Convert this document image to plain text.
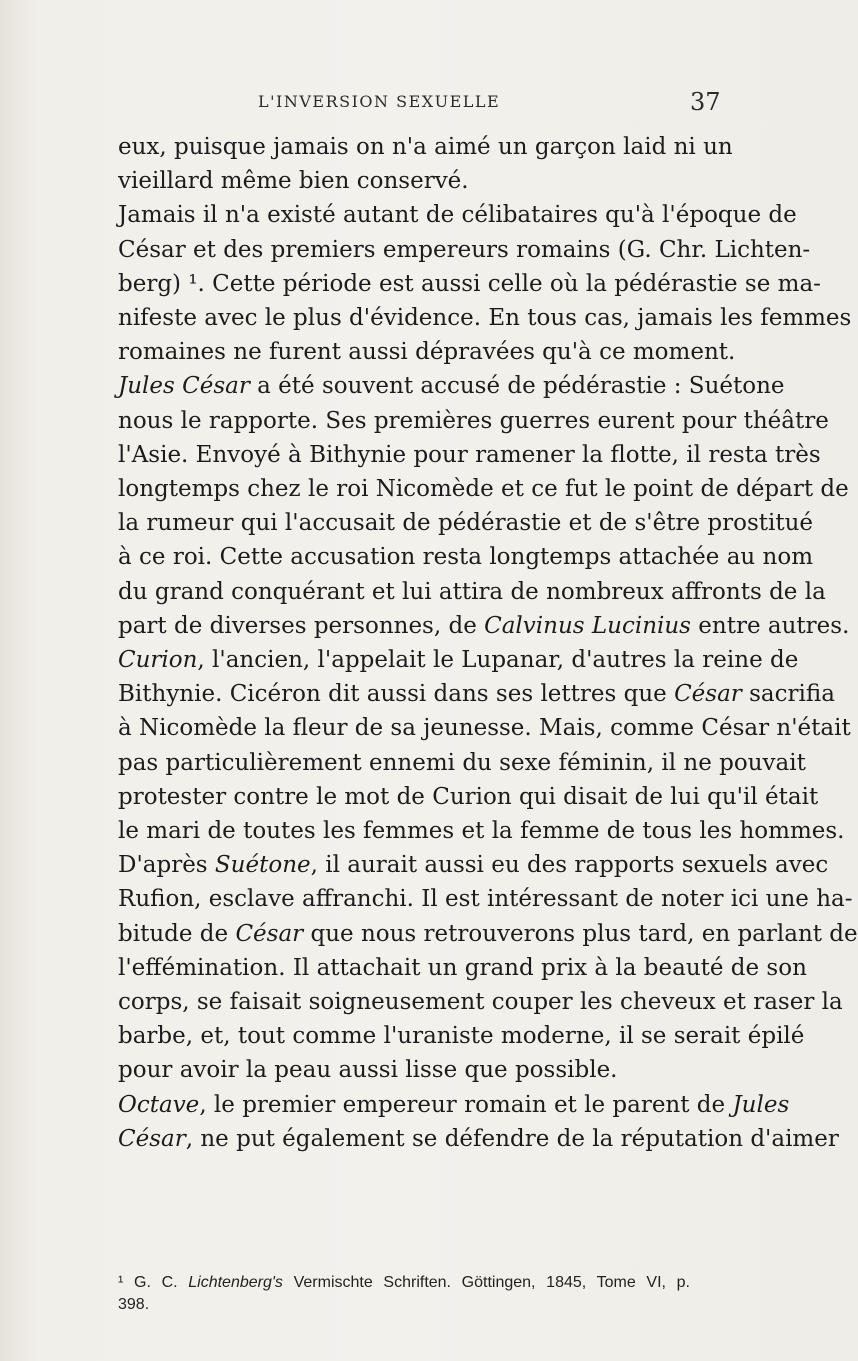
L'INVERSION SEXUELLE	37
eux, puisque jamais on n'a aimé un garçon laid ni un
vieillard même bien conservé.
Jamais il n'a existé autant de célibataires qu'à l'époque de
César et des premiers empereurs romains (G. Chr. Lichten-
berg) ¹. Cette période est aussi celle où la pédérastie se ma-
nifeste avec le plus d'évidence. En tous cas, jamais les femmes
romaines ne furent aussi dépravées qu'à ce moment.
Jules César a été souvent accusé de pédérastie : Suétone
nous le rapporte. Ses premières guerres eurent pour théâtre
l'Asie. Envoyé à Bithynie pour ramener la flotte, il resta très
longtemps chez le roi Nicomède et ce fut le point de départ de
la rumeur qui l'accusait de pédérastie et de s'être prostitué
à ce roi. Cette accusation resta longtemps attachée au nom
du grand conquérant et lui attira de nombreux affronts de la
part de diverses personnes, de Calvinus Lucinius entre autres.
Curion, l'ancien, l'appelait le Lupanar, d'autres la reine de
Bithynie. Cicéron dit aussi dans ses lettres que César sacrifia
à Nicomède la fleur de sa jeunesse. Mais, comme César n'était
pas particulièrement ennemi du sexe féminin, il ne pouvait
protester contre le mot de Curion qui disait de lui qu'il était
le mari de toutes les femmes et la femme de tous les hommes.
D'après Suétone, il aurait aussi eu des rapports sexuels avec
Rufion, esclave affranchi. Il est intéressant de noter ici une ha-
bitude de César que nous retrouverons plus tard, en parlant de
l'effémination. Il attachait un grand prix à la beauté de son
corps, se faisait soigneusement couper les cheveux et raser la
barbe, et, tout comme l'uraniste moderne, il se serait épilé
pour avoir la peau aussi lisse que possible.
Octave, le premier empereur romain et le parent de Jules
César, ne put également se défendre de la réputation d'aimer
¹ G. C. Lichtenberg's Vermischte Schriften. Göttingen, 1845, Tome VI, p.
398.
